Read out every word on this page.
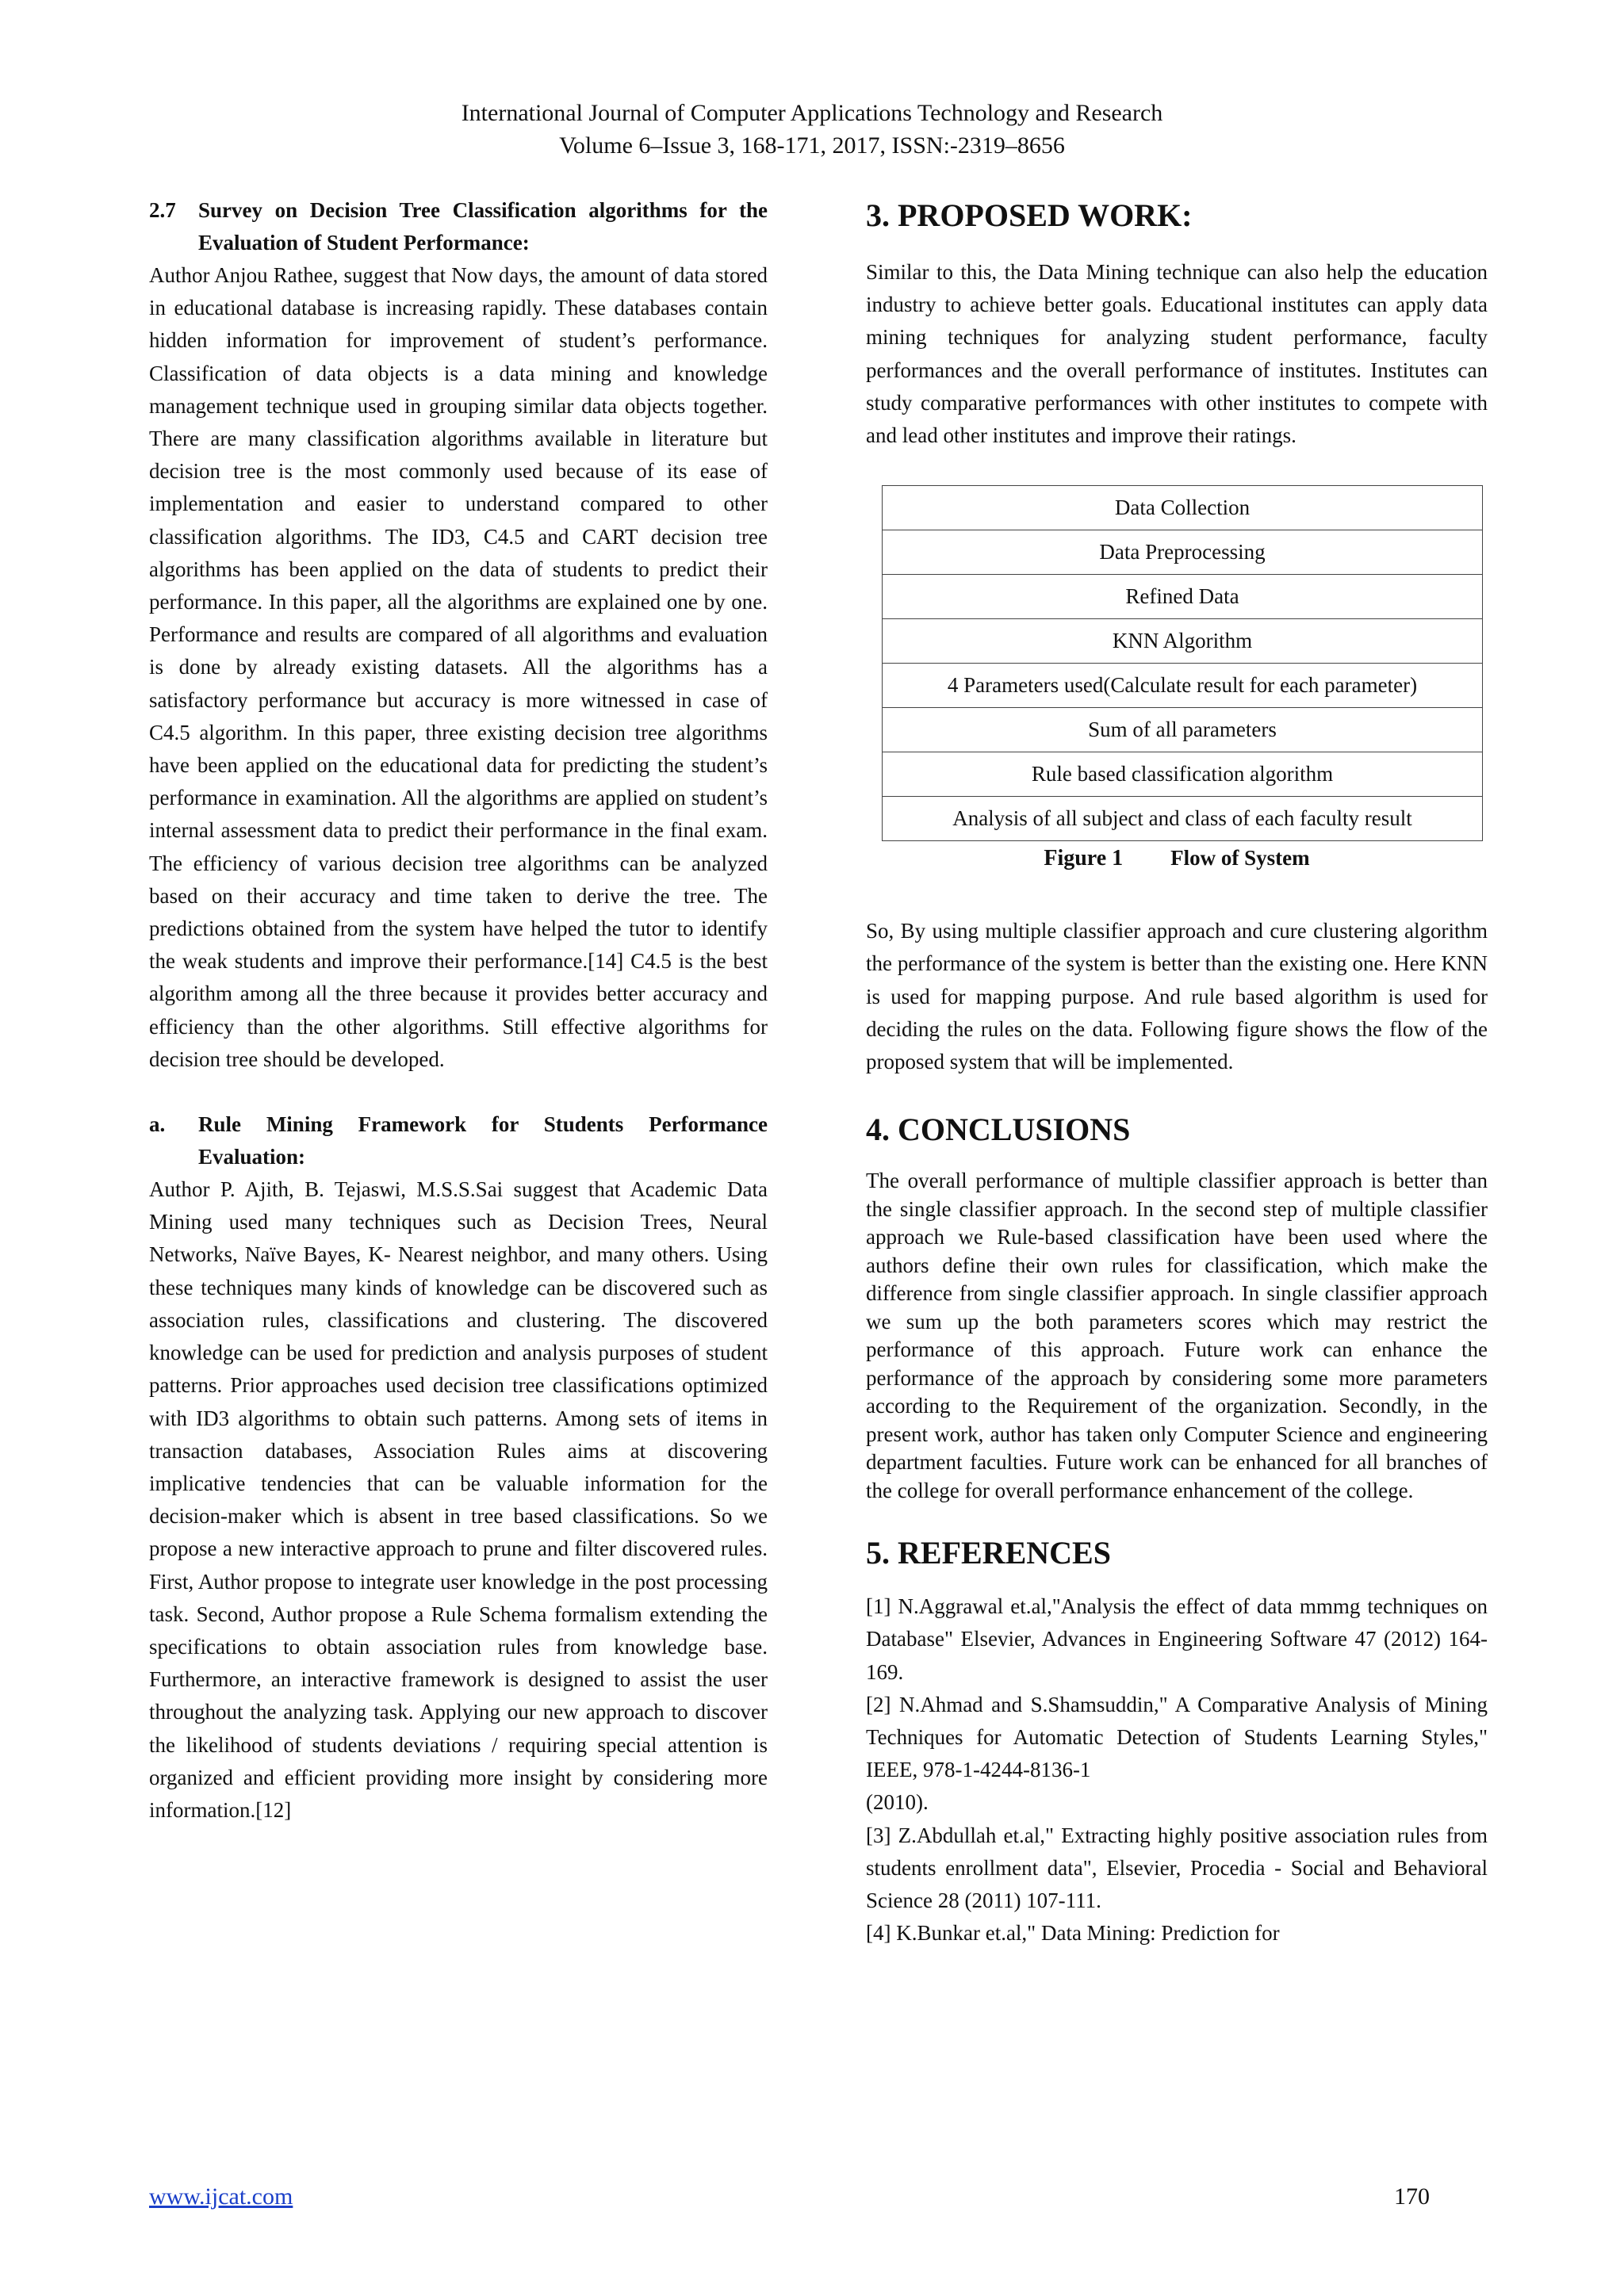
International Journal of Computer Applications Technology and Research
Volume 6–Issue 3, 168-171, 2017, ISSN:-2319–8656
2.7	Survey on Decision Tree Classification algorithms for the Evaluation of Student Performance:

Author Anjou Rathee, suggest that Now days, the amount of data stored in educational database is increasing rapidly. These databases contain hidden information for improvement of student’s performance. Classification of data objects is a data mining and knowledge management technique used in grouping similar data objects together. There are many classification algorithms available in literature but decision tree is the most commonly used because of its ease of implementation and easier to understand compared to other classification algorithms. The ID3, C4.5 and CART decision tree algorithms has been applied on the data of students to predict their performance. In this paper, all the algorithms are explained one by one. Performance and results are compared of all algorithms and evaluation is done by already existing datasets. All the algorithms has a satisfactory performance but accuracy is more witnessed in case of C4.5 algorithm. In this paper, three existing decision tree algorithms have been applied on the educational data for predicting the student’s performance in examination. All the algorithms are applied on student’s internal assessment data to predict their performance in the final exam. The efficiency of various decision tree algorithms can be analyzed based on their accuracy and time taken to derive the tree. The predictions obtained from the system have helped the tutor to identify the weak students and improve their performance.[14] C4.5 is the best algorithm among all the three because it provides better accuracy and efficiency than the other algorithms. Still effective algorithms for decision tree should be developed.

a.	Rule Mining Framework for Students Performance Evaluation:

Author P. Ajith, B. Tejaswi, M.S.S.Sai suggest that Academic Data Mining used many techniques such as Decision Trees, Neural Networks, Naïve Bayes, K- Nearest neighbor, and many others. Using these techniques many kinds of knowledge can be discovered such as association rules, classifications and clustering. The discovered knowledge can be used for prediction and analysis purposes of student patterns. Prior approaches used decision tree classifications optimized with ID3 algorithms to obtain such patterns. Among sets of items in transaction databases, Association Rules aims at discovering implicative tendencies that can be valuable information for the decision-maker which is absent in tree based classifications. So we propose a new interactive approach to prune and filter discovered rules. First, Author propose to integrate user knowledge in the post processing task. Second, Author propose a Rule Schema formalism extending the specifications to obtain association rules from knowledge base. Furthermore, an interactive framework is designed to assist the user throughout the analyzing task. Applying our new approach to discover the likelihood of students deviations / requiring special attention is organized and efficient providing more insight by considering more information.[12]

3. PROPOSED WORK:

Similar to this, the Data Mining technique can also help the education industry to achieve better goals. Educational institutes can apply data mining techniques for analyzing student performance, faculty performances and the overall performance of institutes. Institutes can study comparative performances with other institutes to compete with and lead other institutes and improve their ratings.

Data Collection
Data Preprocessing
Refined Data
KNN Algorithm
4 Parameters used(Calculate result for each parameter)
Sum of all parameters
Rule based classification algorithm
Analysis of all subject and class of each faculty result
Figure 1 Flow of System

So, By using multiple classifier approach and cure clustering algorithm the performance of the system is better than the existing one. Here KNN is used for mapping purpose. And rule based algorithm is used for deciding the rules on the data. Following figure shows the flow of the proposed system that will be implemented.

4. CONCLUSIONS

The overall performance of multiple classifier approach is better than the single classifier approach. In the second step of multiple classifier approach we Rule-based classification have been used where the authors define their own rules for classification, which make the difference from single classifier approach. In single classifier approach we sum up the both parameters scores which may restrict the performance of this approach. Future work can enhance the performance of the approach by considering some more parameters according to the Requirement of the organization. Secondly, in the present work, author has taken only Computer Science and engineering department faculties. Future work can be enhanced for all branches of the college for overall performance enhancement of the college.

5. REFERENCES

[1] N.Aggrawal et.al,"Analysis the effect of data mmmg techniques on Database" Elsevier, Advances in Engineering Software 47 (2012) 164-169.

[2] N.Ahmad and S.Shamsuddin," A Comparative Analysis of Mining Techniques for Automatic Detection of Students Learning Styles," IEEE, 978-1-4244-8136-1

(2010).

[3] Z.Abdullah et.al," Extracting highly positive association rules from students enrollment data", Elsevier, Procedia - Social and Behavioral Science 28 (2011) 107-111.

[4] K.Bunkar et.al," Data Mining: Prediction for

www.ijcat.com	170
